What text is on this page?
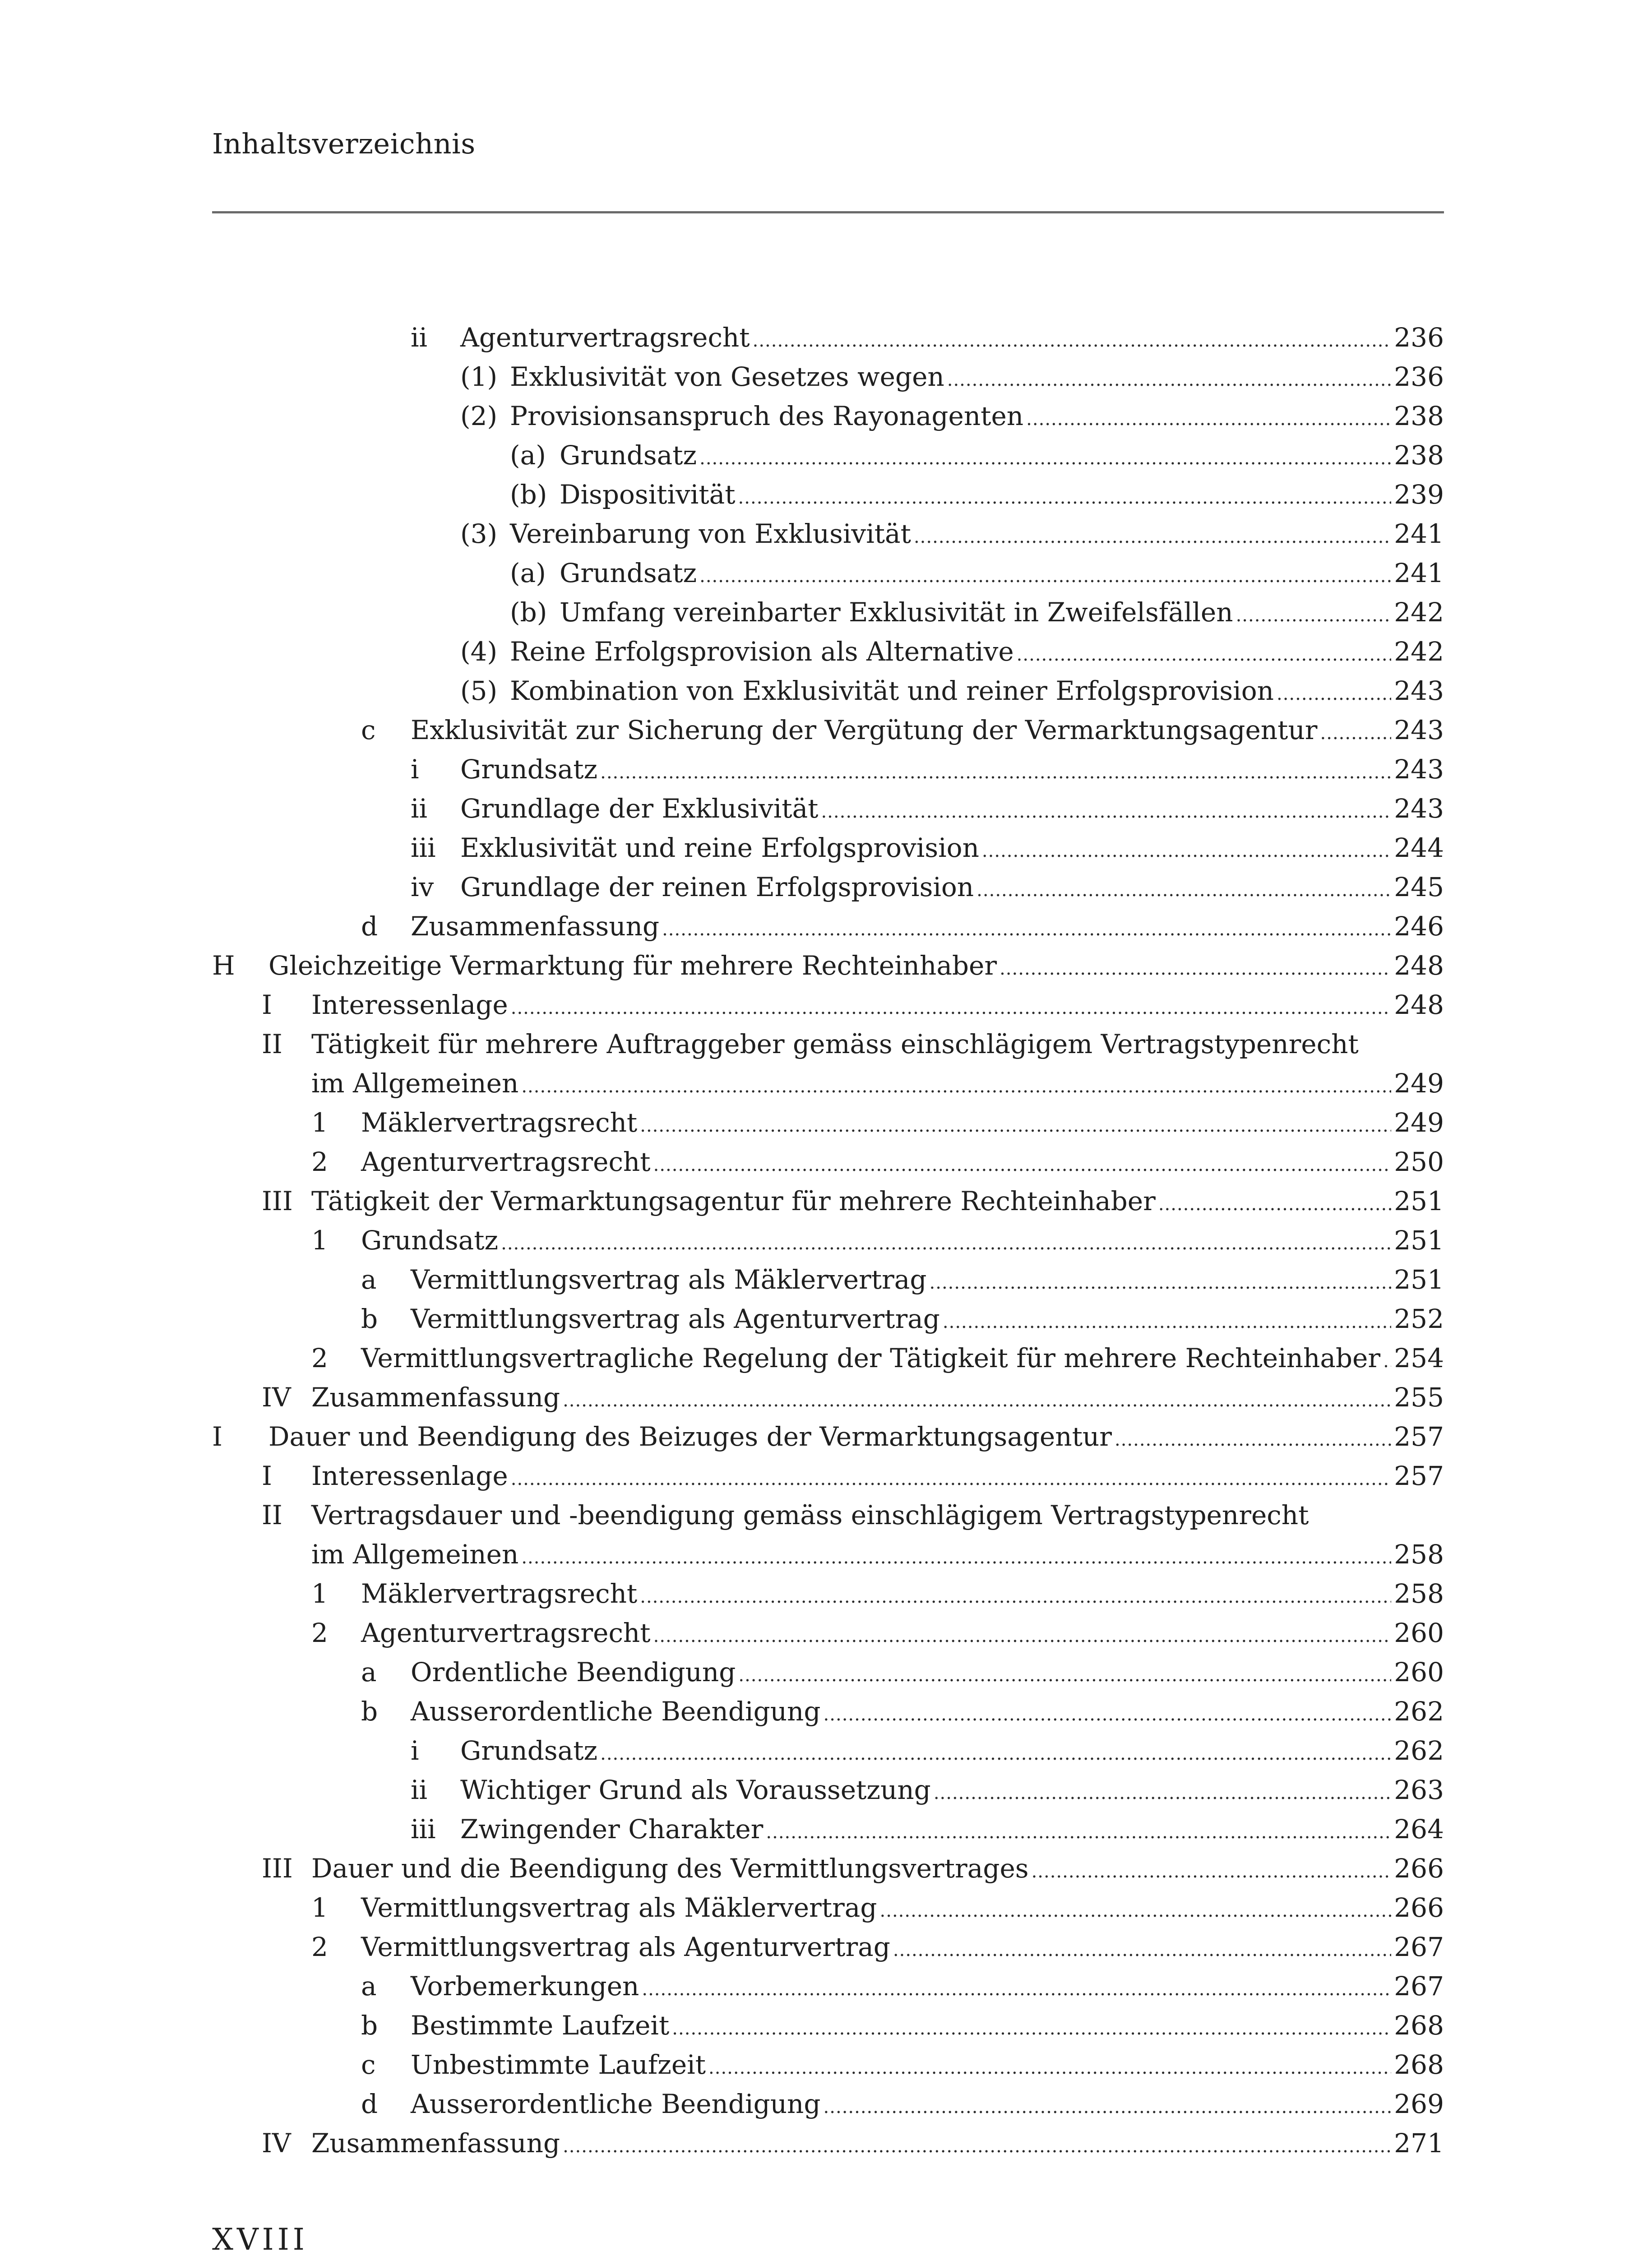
Inhaltsverzeichnis
ii Agenturvertragsrecht .....	236
(1) Exklusivität von Gesetzes wegen .....	236
(2) Provisionsanspruch des Rayonagenten .....	238
(a) Grundsatz .....	238
(b) Dispositivität .....	239
(3) Vereinbarung von Exklusivität .....	241
(a) Grundsatz .....	241
(b) Umfang vereinbarter Exklusivität in Zweifelsfällen .....	242
(4) Reine Erfolgsprovision als Alternative .....	242
(5) Kombination von Exklusivität und reiner Erfolgsprovision .....	243
c Exklusivität zur Sicherung der Vergütung der Vermarktungsagentur .....	243
i Grundsatz .....	243
ii Grundlage der Exklusivität .....	243
iii Exklusivität und reine Erfolgsprovision .....	244
iv Grundlage der reinen Erfolgsprovision .....	245
d Zusammenfassung .....	246
H Gleichzeitige Vermarktung für mehrere Rechteinhaber .....	248
I Interessenlage .....	248
II Tätigkeit für mehrere Auftraggeber gemäss einschlägigem Vertragstypenrecht
im Allgemeinen .....	249
1 Mäklervertragsrecht .....	249
2 Agenturvertragsrecht .....	250
III Tätigkeit der Vermarktungsagentur für mehrere Rechteinhaber .....	251
1 Grundsatz .....	251
a Vermittlungsvertrag als Mäklervertrag .....	251
b Vermittlungsvertrag als Agenturvertrag .....	252
2 Vermittlungsvertragliche Regelung der Tätigkeit für mehrere Rechteinhaber ..... 254
IV Zusammenfassung .....	255
I Dauer und Beendigung des Beizuges der Vermarktungsagentur .....	257
I Interessenlage .....	257
II Vertragsdauer und -beendigung gemäss einschlägigem Vertragstypenrecht
im Allgemeinen .....	258
1 Mäklervertragsrecht .....	258
2 Agenturvertragsrecht .....	260
a Ordentliche Beendigung .....	260
b Ausserordentliche Beendigung .....	262
i Grundsatz .....	262
ii Wichtiger Grund als Voraussetzung .....	263
iii Zwingender Charakter .....	264
III Dauer und die Beendigung des Vermittlungsvertrages .....	266
1 Vermittlungsvertrag als Mäklervertrag .....	266
2 Vermittlungsvertrag als Agenturvertrag .....	267
a Vorbemerkungen .....	267
b Bestimmte Laufzeit .....	268
c Unbestimmte Laufzeit .....	268
d Ausserordentliche Beendigung .....	269
IV Zusammenfassung .....	271
XVIII
